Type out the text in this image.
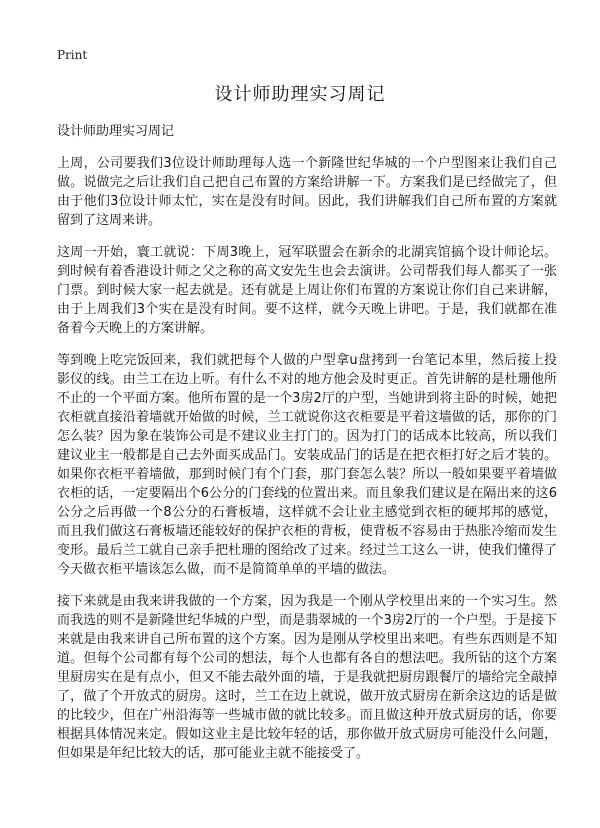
Print
设计师助理实习周记

设计师助理实习周记

上周，公司要我们3位设计师助理每人选一个新隆世纪华城的一个户型图来让我们自己做。说做完之后让我们自己把自己布置的方案给讲解一下。方案我们是已经做完了，但由于他们3位设计师太忙，实在是没有时间。因此，我们讲解我们自己所布置的方案就留到了这周来讲。

这周一开始，寰工就说：下周3晚上，冠军联盟会在新余的北湖宾馆搞个设计师论坛。到时候有着香港设计师之父之称的高文安先生也会去演讲。公司帮我们每人都买了一张门票。到时候大家一起去就是。还有就是上周让你们布置的方案说让你们自己来讲解，由于上周我们3个实在是没有时间。要不这样，就今天晚上讲吧。于是，我们就都在准备着今天晚上的方案讲解。

等到晚上吃完饭回来，我们就把每个人做的户型拿u盘拷到一台笔记本里，然后接上投影仪的线。由兰工在边上听。有什么不对的地方他会及时更正。首先讲解的是杜珊他所不止的一个平面方案。他所布置的是一个3房2厅的户型，当她讲到将主卧的时候，她把衣柜就直接沿着墙就开始做的时候，兰工就说你这衣柜要是平着这墙做的话，那你的门怎么装？因为象在装饰公司是不建议业主打门的。因为打门的话成本比较高，所以我们建议业主一般都是自己去外面买成品门。安装成品门的话是在把衣柜打好之后才装的。如果你衣柜平着墙做，那到时候门有个门套，那门套怎么装？所以一般如果要平着墙做衣柜的话，一定要隔出个6公分的门套线的位置出来。而且象我们建议是在隔出来的这6公分之后再做一个8公分的石膏板墙，这样就不会让业主感觉到衣柜的硬邦邦的感觉，而且我们做这石膏板墙还能较好的保护衣柜的背板，使背板不容易由于热胀冷缩而发生变形。最后兰工就自己亲手把杜珊的图给改了过来。经过兰工这么一讲，使我们懂得了今天做衣柜平墙该怎么做，而不是简简单单的平墙的做法。

接下来就是由我来讲我做的一个方案，因为我是一个刚从学校里出来的一个实习生。然而我选的则不是新隆世纪华城的户型，而是翡翠城的一个3房2厅的一个户型。于是接下来就是由我来讲自己所布置的这个方案。因为是刚从学校里出来吧。有些东西则是不知道。但每个公司都有每个公司的想法，每个人也都有各自的想法吧。我所钻的这个方案里厨房实在是有点小，但又不能去敲外面的墙，于是我就把厨房跟餐厅的墙给完全敲掉了，做了个开放式的厨房。这时，兰工在边上就说，做开放式厨房在新余这边的话是做的比较少，但在广州沿海等一些城市做的就比较多。而且做这种开放式厨房的话，你要根据具体情况来定。假如这业主是比较年轻的话，那你做开放式厨房可能没什么问题，但如果是年纪比较大的话，那可能业主就不能接受了。
